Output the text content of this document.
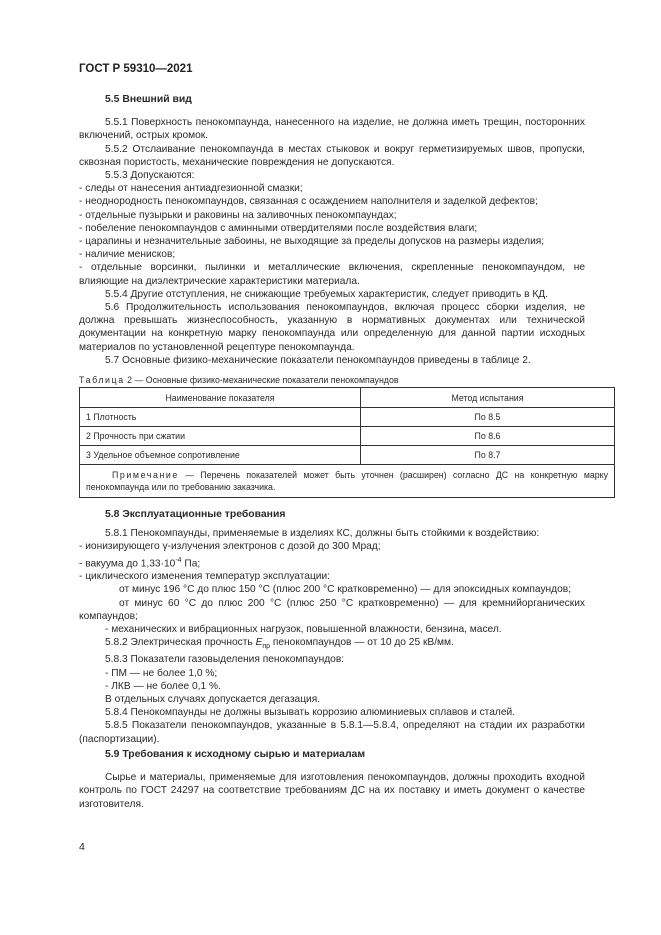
ГОСТ Р 59310—2021

5.5 Внешний вид

5.5.1 Поверхность пенокомпаунда, нанесенного на изделие, не должна иметь трещин, посторонних включений, острых кромок.

5.5.2 Отслаивание пенокомпаунда в местах стыковок и вокруг герметизируемых швов, пропуски, сквозная пористость, механические повреждения не допускаются.

5.5.3 Допускаются:

- следы от нанесения антиадгезионной смазки;

- неоднородность пенокомпаундов, связанная с осаждением наполнителя и заделкой дефектов;

- отдельные пузырьки и раковины на заливочных пенокомпаундах;

- побеление пенокомпаундов с аминными отвердителями после воздействия влаги;

- царапины и незначительные забоины, не выходящие за пределы допусков на размеры изделия;

- наличие менисков;

- отдельные ворсинки, пылинки и металлические включения, скрепленные пенокомпаундом, не влияющие на диэлектрические характеристики материала.

5.5.4 Другие отступления, не снижающие требуемых характеристик, следует приводить в КД.

5.6 Продолжительность использования пенокомпаундов, включая процесс сборки изделия, не должна превышать жизнеспособность, указанную в нормативных документах или технической документации на конкретную марку пенокомпаунда или определенную для данной партии исходных материалов по установленной рецептуре пенокомпаунда.

5.7 Основные физико-механические показатели пенокомпаундов приведены в таблице 2.

Таблица 2 — Основные физико-механические показатели пенокомпаундов
Наименование показателя	Метод испытания
1 Плотность	По 8.5
2 Прочность при сжатии	По 8.6
3 Удельное объемное сопротивление	По 8.7
Примечание — Перечень показателей может быть уточнен (расширен) согласно ДС на конкретную марку пенокомпаунда или по требованию заказчика.	

5.8 Эксплуатационные требования

5.8.1 Пенокомпаунды, применяемые в изделиях КС, должны быть стойкими к воздействию:

- ионизирующего γ-излучения электронов с дозой до 300 Мрад;

- вакуума до $1,33\cdot 10^{-4}$ Па;

- циклического изменения температур эксплуатации:

от минус 196 °С до плюс 150 °С (плюс 200 °С кратковременно) — для эпоксидных компаундов;

от минус 60 °С до плюс 200 °С (плюс 250 °С кратковременно) — для кремнийорганических компаундов;

- механических и вибрационных нагрузок, повышенной влажности, бензина, масел.

5.8.2 Электрическая прочность $E_{пр}$ пенокомпаундов — от 10 до 25 кВ/мм.

5.8.3 Показатели газовыделения пенокомпаундов:

- ПМ — не более 1,0 %;

- ЛКВ — не более 0,1 %.

В отдельных случаях допускается дегазация.

5.8.4 Пенокомпаунды не должны вызывать коррозию алюминиевых сплавов и сталей.

5.8.5 Показатели пенокомпаундов, указанные в 5.8.1—5.8.4, определяют на стадии их разработки (паспортизации).

5.9 Требования к исходному сырью и материалам

Сырье и материалы, применяемые для изготовления пенокомпаундов, должны проходить входной контроль по ГОСТ 24297 на соответствие требованиям ДС на их поставку и иметь документ о качестве изготовителя.

4
